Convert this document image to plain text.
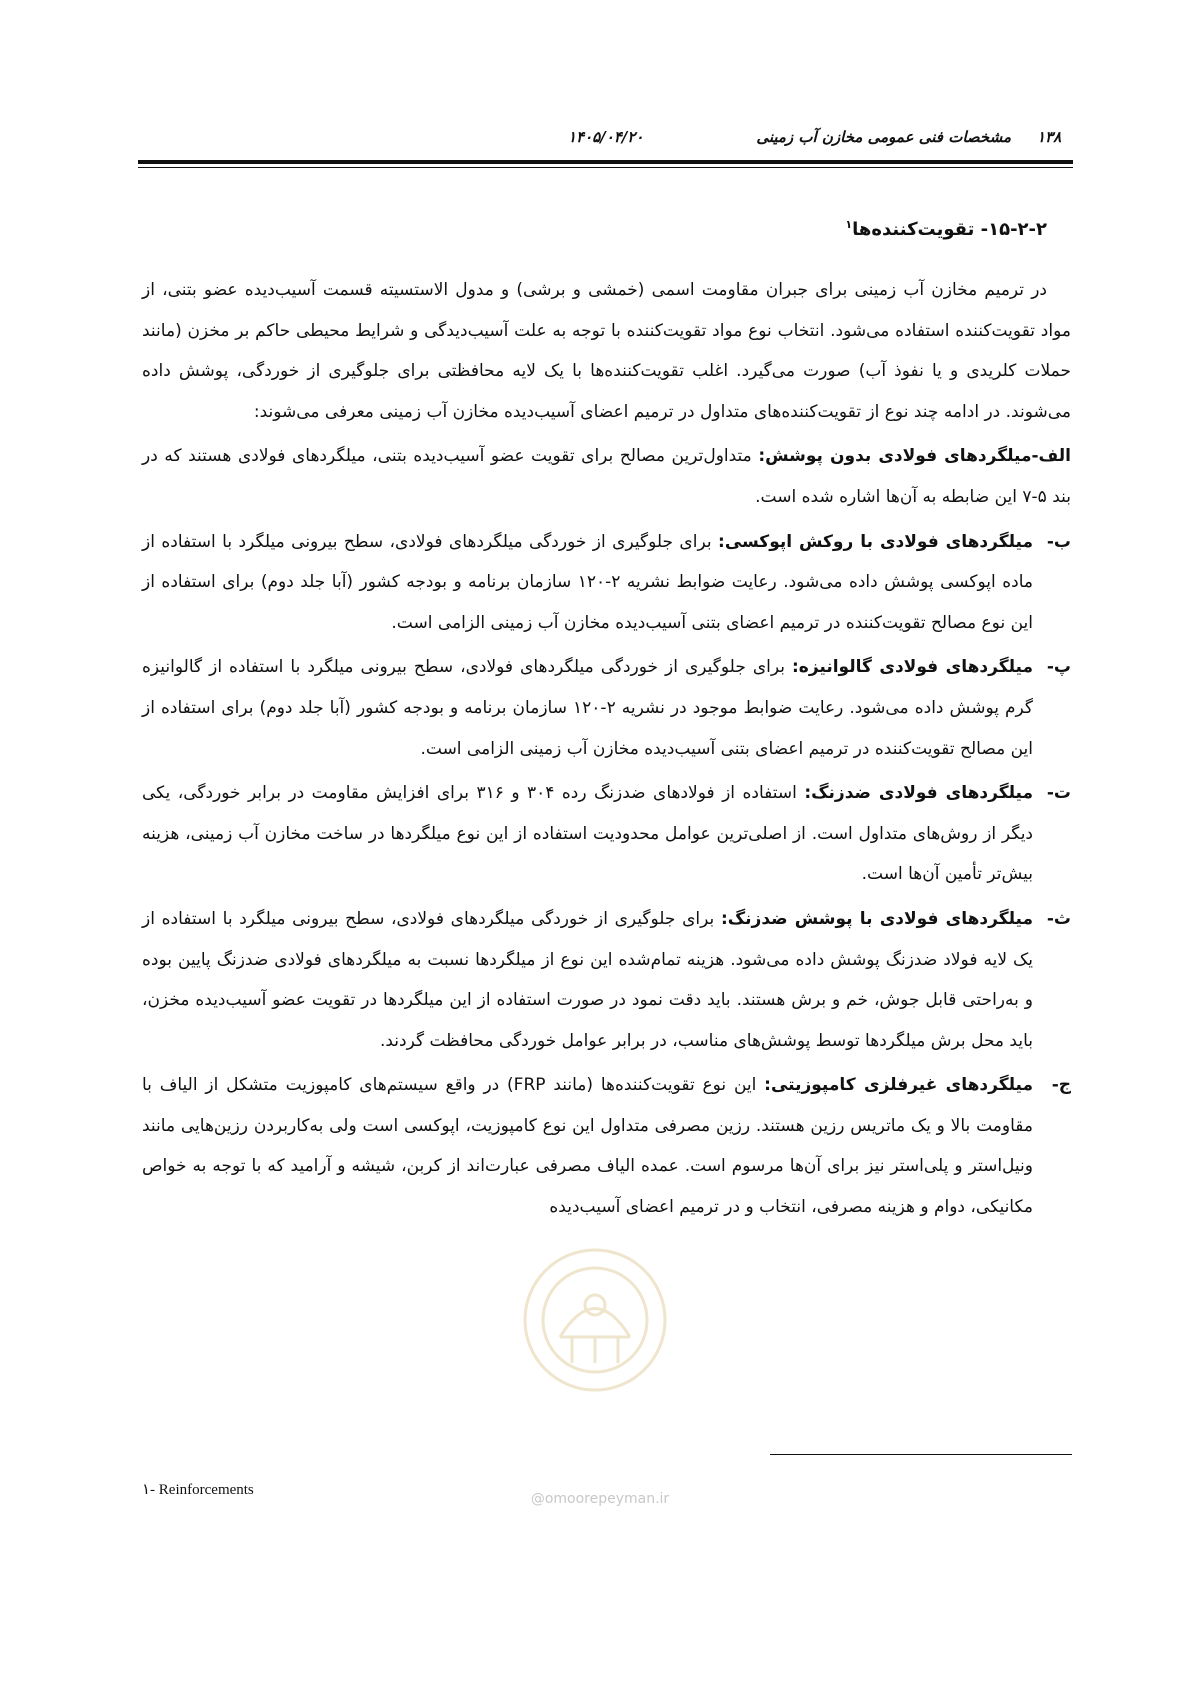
مشخصات فنی عمومی مخازن آب زمینی
۱۴۰۵/۰۴/۲۰	۱۳۸
۱۵-۲-۲- تقویت‌کننده‌ها$^۱$

در ترمیم مخازن آب زمینی برای جبران مقاومت اسمی (خمشی و برشی) و مدول الاستسیته قسمت آسیب‌دیده عضو بتنی، از مواد تقویت‌کننده استفاده می‌شود. انتخاب نوع مواد تقویت‌کننده با توجه به علت آسیب‌دیدگی و شرایط محیطی حاکم بر مخزن (مانند حملات کلریدی و یا نفوذ آب) صورت می‌گیرد. اغلب تقویت‌کننده‌ها با یک لایه محافظتی برای جلوگیری از خوردگی، پوشش داده می‌شوند. در ادامه چند نوع از تقویت‌کننده‌های متداول در ترمیم اعضای آسیب‌دیده مخازن آب زمینی معرفی می‌شوند:

الف-میلگردهای فولادی بدون پوشش: متداول‌ترین مصالح برای تقویت عضو آسیب‌دیده بتنی، میلگردهای فولادی هستند که در بند ۵-۷ این ضابطه به آن‌ها اشاره شده است.

ب-میلگردهای فولادی با روکش اپوکسی: برای جلوگیری از خوردگی میلگردهای فولادی، سطح بیرونی میلگرد با استفاده از ماده اپوکسی پوشش داده می‌شود. رعایت ضوابط نشریه ۲-۱۲۰ سازمان برنامه و بودجه کشور (آبا جلد دوم) برای استفاده از این نوع مصالح تقویت‌کننده در ترمیم اعضای بتنی آسیب‌دیده مخازن آب زمینی الزامی است.

پ-میلگردهای فولادی گالوانیزه: برای جلوگیری از خوردگی میلگردهای فولادی، سطح بیرونی میلگرد با استفاده از گالوانیزه گرم پوشش داده می‌شود. رعایت ضوابط موجود در نشریه ۲-۱۲۰ سازمان برنامه و بودجه کشور (آبا جلد دوم) برای استفاده از این مصالح تقویت‌کننده در ترمیم اعضای بتنی آسیب‌دیده مخازن آب زمینی الزامی است.

ت-میلگردهای فولادی ضدزنگ: استفاده از فولادهای ضدزنگ رده ۳۰۴ و ۳۱۶ برای افزایش مقاومت در برابر خوردگی، یکی دیگر از روش‌های متداول است. از اصلی‌ترین عوامل محدودیت استفاده از این نوع میلگردها در ساخت مخازن آب زمینی، هزینه بیش‌تر تأمین آن‌ها است.

ث-میلگردهای فولادی با پوشش ضدزنگ: برای جلوگیری از خوردگی میلگردهای فولادی، سطح بیرونی میلگرد با استفاده از یک لایه فولاد ضدزنگ پوشش داده می‌شود. هزینه تمام‌شده این نوع از میلگردها نسبت به میلگردهای فولادی ضدزنگ پایین بوده و به‌راحتی قابل جوش، خم و برش هستند. باید دقت نمود در صورت استفاده از این میلگردها در تقویت عضو آسیب‌دیده مخزن، باید محل برش میلگردها توسط پوشش‌های مناسب، در برابر عوامل خوردگی محافظت گردند.

ج-میلگردهای غیرفلزی کامپوزیتی: این نوع تقویت‌کننده‌ها (مانند FRP) در واقع سیستم‌های کامپوزیت متشکل از الیاف با مقاومت بالا و یک ماتریس رزین هستند. رزین مصرفی متداول این نوع کامپوزیت، اپوکسی است ولی به‌کاربردن رزین‌هایی مانند ونیل‌استر و پلی‌استر نیز برای آن‌ها مرسوم است. عمده الیاف مصرفی عبارت‌اند از کربن، شیشه و آرامید که با توجه به خواص مکانیکی، دوام و هزینه مصرفی، انتخاب و در ترمیم اعضای آسیب‌دیده

@omoorepeyman.ir
۱- Reinforcements
